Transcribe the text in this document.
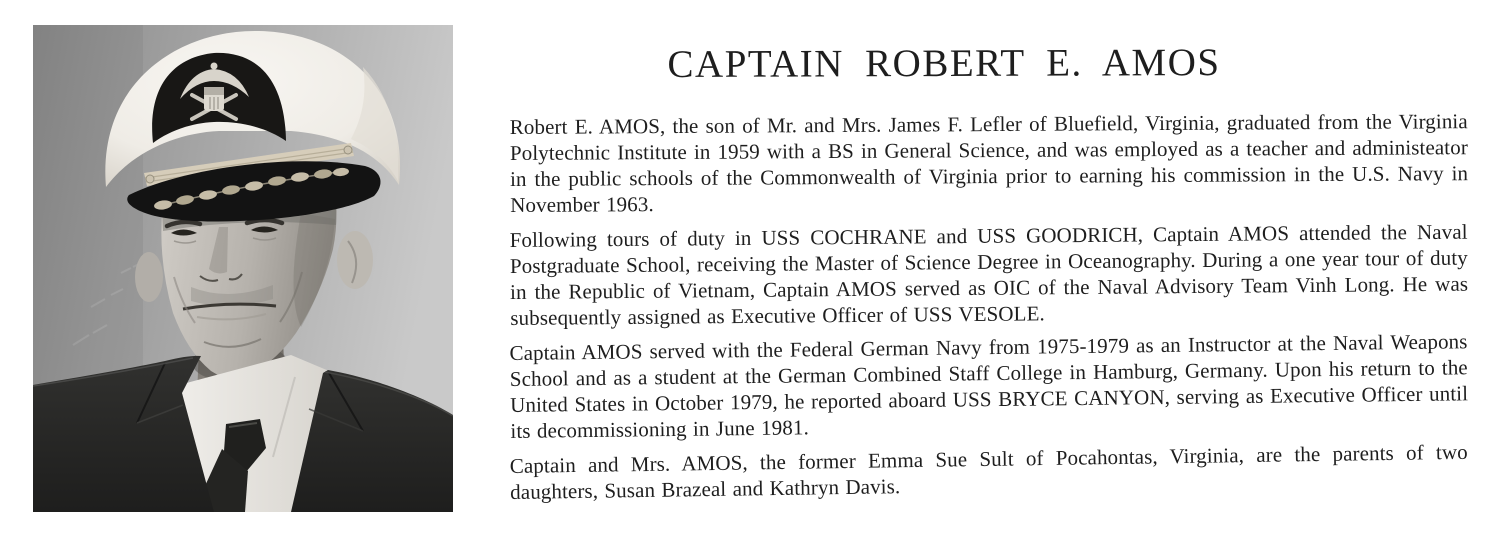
CAPTAIN ROBERT E. AMOS

Robert E. AMOS, the son of Mr. and Mrs. James F. Lefler of Bluefield, Virginia, graduated from the Virginia Polytechnic Institute in 1959 with a BS in General Science, and was employed as a teacher and administeator in the public schools of the Commonwealth of Virginia prior to earning his commission in the U.S. Navy in November 1963.

Following tours of duty in USS COCHRANE and USS GOODRICH, Captain AMOS attended the Naval Postgraduate School, receiving the Master of Science Degree in Oceanography. During a one year tour of duty in the Republic of Vietnam, Captain AMOS served as OIC of the Naval Advisory Team Vinh Long. He was subsequently assigned as Executive Officer of USS VESOLE.

Captain AMOS served with the Federal German Navy from 1975-1979 as an Instructor at the Naval Weapons School and as a student at the German Combined Staff College in Hamburg, Germany. Upon his return to the United States in October 1979, he reported aboard USS BRYCE CANYON, serving as Executive Officer until its decommissioning in June 1981.

Captain and Mrs. AMOS, the former Emma Sue Sult of Pocahontas, Virginia, are the parents of two daughters, Susan Brazeal and Kathryn Davis.
